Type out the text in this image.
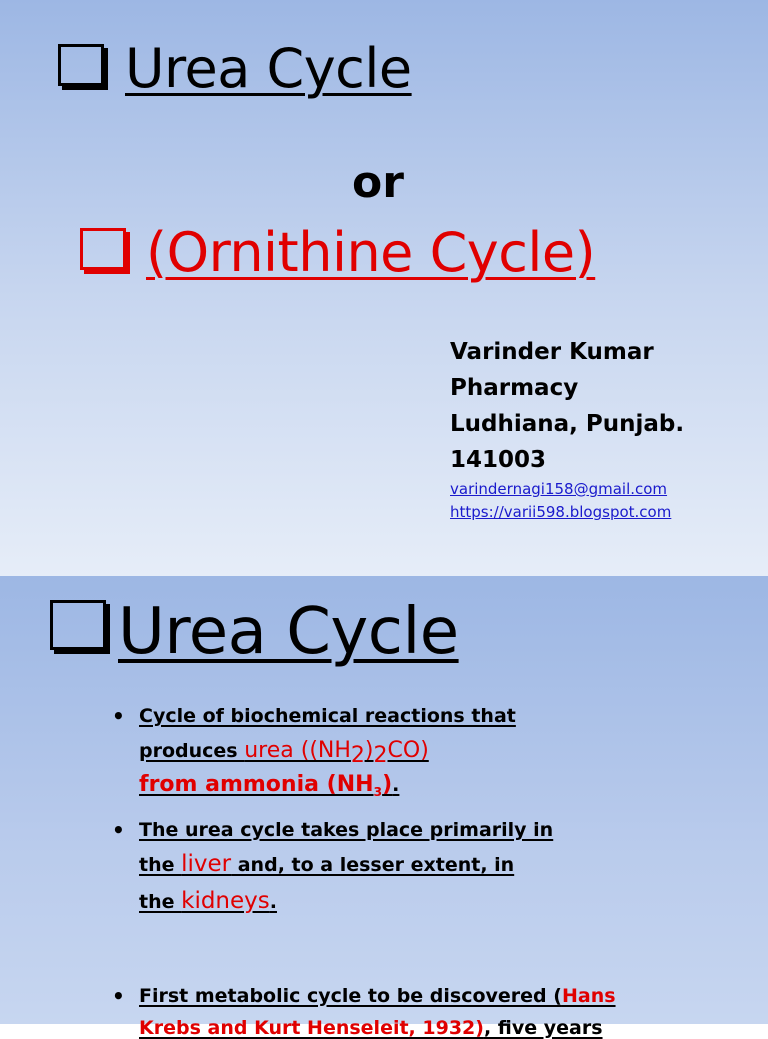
Urea Cycle
or
(Ornithine Cycle)
Varinder Kumar
Pharmacy
Ludhiana, Punjab.
141003
varindernagi158@gmail.com
https://varii598.blogspot.com
Urea Cycle
• Cycle of biochemical reactions that
produces urea $((NH_2)_2CO)$
from ammonia $(NH_3)$.
• The urea cycle takes place primarily in
the liver and, to a lesser extent, in
the kidneys.
• First metabolic cycle to be discovered (Hans
Krebs and Kurt Henseleit, 1932), five years
